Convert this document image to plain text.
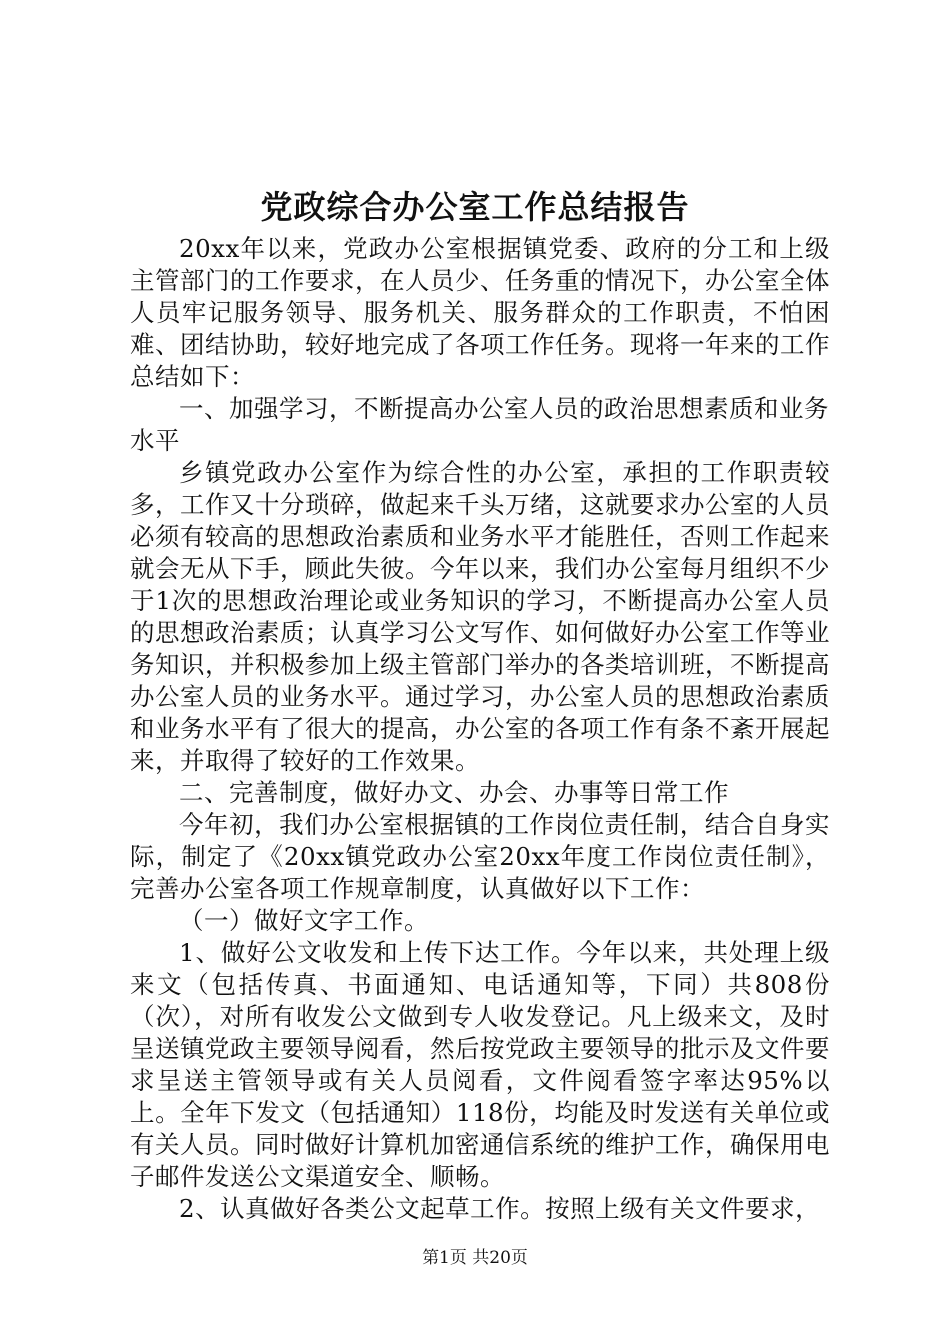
党政综合办公室工作总结报告

20xx年以来，党政办公室根据镇党委、政府的分工和上级主管部门的工作要求，在人员少、任务重的情况下，办公室全体人员牢记服务领导、服务机关、服务群众的工作职责，不怕困难、团结协助，较好地完成了各项工作任务。现将一年来的工作总结如下：

一、加强学习，不断提高办公室人员的政治思想素质和业务水平

乡镇党政办公室作为综合性的办公室，承担的工作职责较多，工作又十分琐碎，做起来千头万绪，这就要求办公室的人员必须有较高的思想政治素质和业务水平才能胜任，否则工作起来就会无从下手，顾此失彼。今年以来，我们办公室每月组织不少于1次的思想政治理论或业务知识的学习，不断提高办公室人员的思想政治素质；认真学习公文写作、如何做好办公室工作等业务知识，并积极参加上级主管部门举办的各类培训班，不断提高办公室人员的业务水平。通过学习，办公室人员的思想政治素质和业务水平有了很大的提高，办公室的各项工作有条不紊开展起来，并取得了较好的工作效果。

二、完善制度，做好办文、办会、办事等日常工作

今年初，我们办公室根据镇的工作岗位责任制，结合自身实际，制定了《20xx镇党政办公室20xx年度工作岗位责任制》，完善办公室各项工作规章制度，认真做好以下工作：

（一）做好文字工作。

1、做好公文收发和上传下达工作。今年以来，共处理上级来文（包括传真、书面通知、电话通知等，下同）共808份（次），对所有收发公文做到专人收发登记。凡上级来文，及时呈送镇党政主要领导阅看，然后按党政主要领导的批示及文件要求呈送主管领导或有关人员阅看，文件阅看签字率达95%以上。全年下发文（包括通知）118份，均能及时发送有关单位或有关人员。同时做好计算机加密通信系统的维护工作，确保用电子邮件发送公文渠道安全、顺畅。

2、认真做好各类公文起草工作。按照上级有关文件要求，

第1页 共20页
